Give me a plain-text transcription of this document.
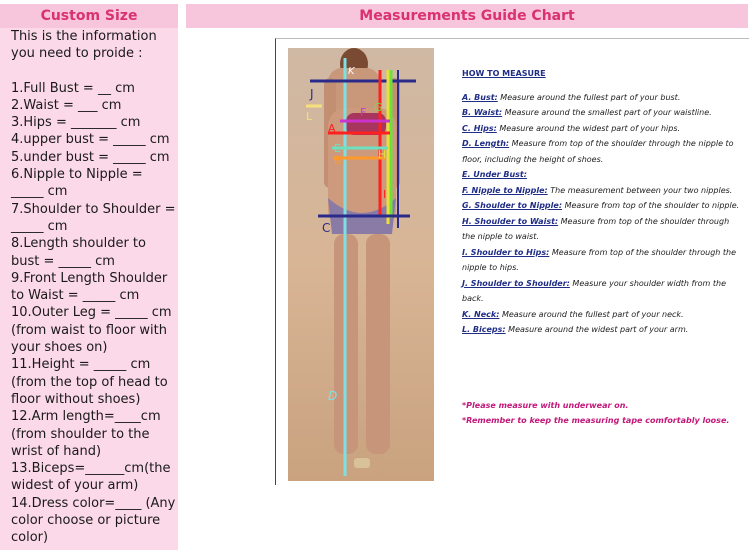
Custom Size
This is the information you need to proide :
1.Full Bust = __ cm
2.Waist = ___ cm
3.Hips = _______ cm
4.upper bust = _____ cm
5.under bust = _____ cm
6.Nipple to Nipple = _____ cm
7.Shoulder to Shoulder = _____ cm
8.Length shoulder to bust = _____ cm
9.Front Length Shoulder to Waist = _____ cm
10.Outer Leg = _____ cm (from waist to floor with your shoes on)
11.Height = _____ cm (from the top of head to floor without shoes)
12.Arm length=____cm (from shoulder to the wrist of hand)
13.Biceps=______cm(the widest of your arm)
14.Dress color=____ (Any color choose or picture color)
Measurements Guide Chart
K
J
L	F G
A
E
B	H
I
C
D
HOW TO MEASURE
A. Bust: Measure around the fullest part of your bust.
B. Waist: Measure around the smallest part of your waistline.
C. Hips: Measure around the widest part of your hips.
D. Length: Measure from top of the shoulder through the nipple to floor, including the height of shoes.
E. Under Bust:
F. Nipple to Nipple: The measurement between your two nipples.
G. Shoulder to Nipple: Measure from top of the shoulder to nipple.
H. Shoulder to Waist: Measure from top of the shoulder through the nipple to waist.
I. Shoulder to Hips: Measure from top of the shoulder through the nipple to hips.
J. Shoulder to Shoulder: Measure your shoulder width from the back.
K. Neck: Measure around the fullest part of your neck.
L. Biceps: Measure around the widest part of your arm.
*Please measure with underwear on.
*Remember to keep the measuring tape comfortably loose.
